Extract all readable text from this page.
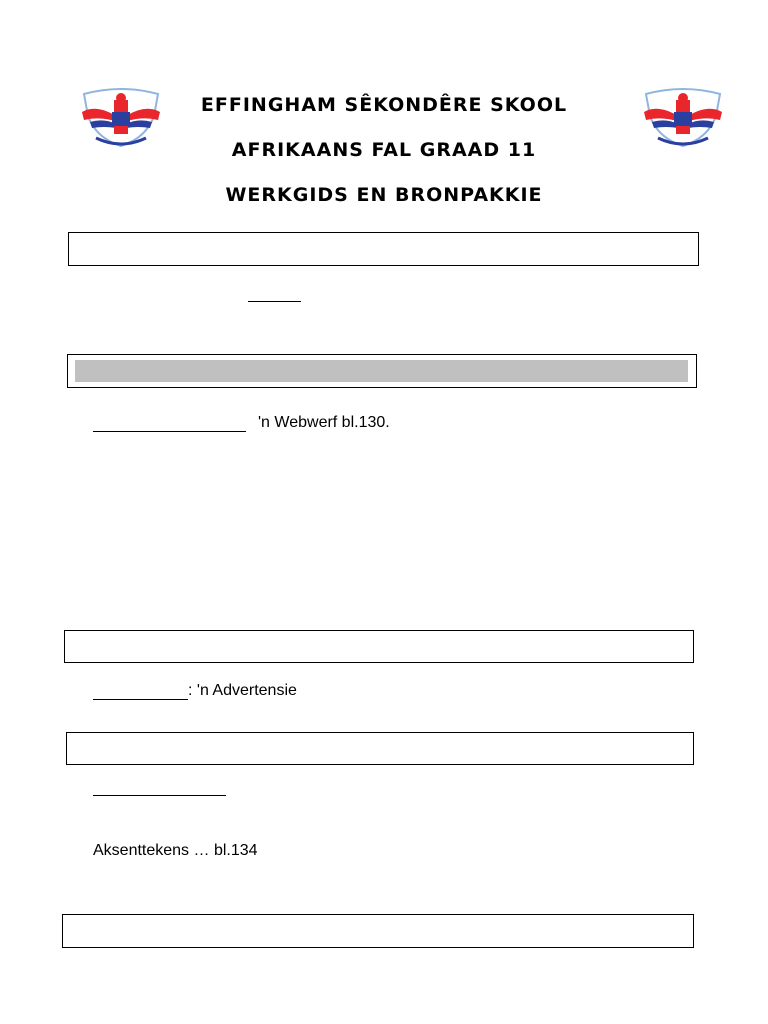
EFFINGHAM SÊKONDÊRE SKOOL
AFRIKAANS FAL GRAAD 11
WERKGIDS EN BRONPAKKIE
'n Webwerf bl.130.
: 'n Advertensie
Aksenttekens … bl.134
